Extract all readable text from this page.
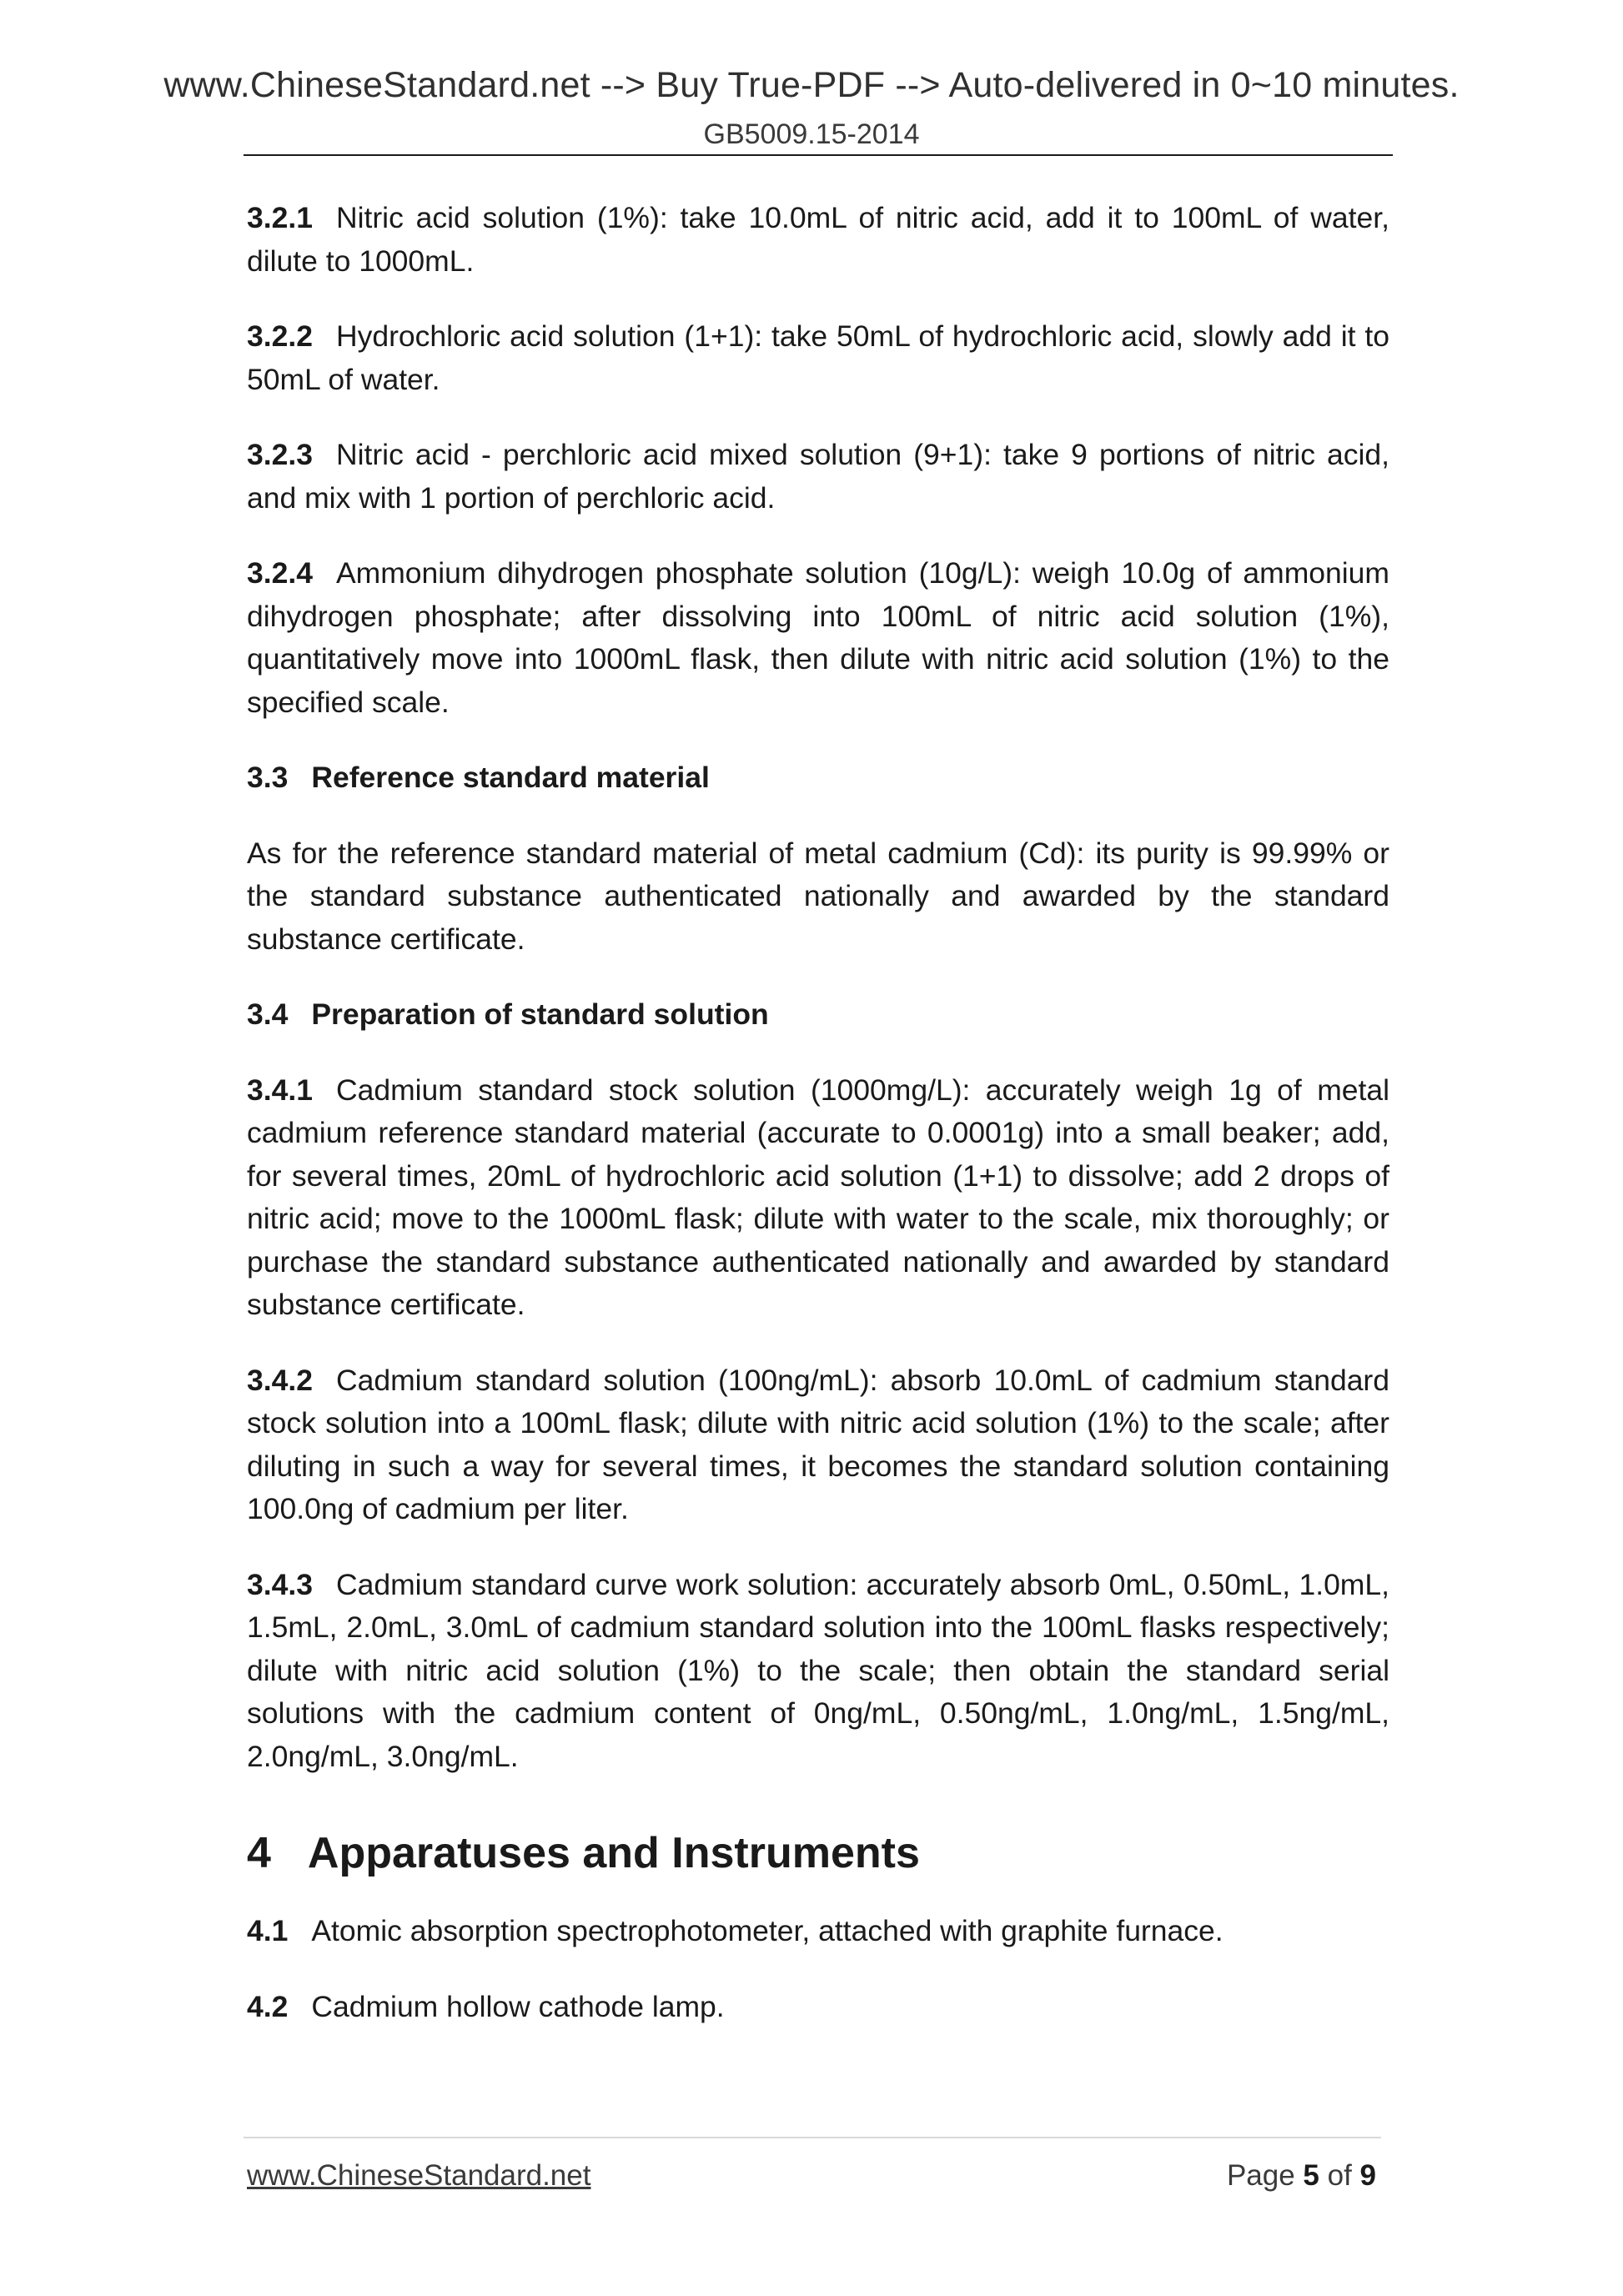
www.ChineseStandard.net --> Buy True-PDF --> Auto-delivered in 0~10 minutes.
GB5009.15-2014

3.2.1 Nitric acid solution (1%): take 10.0mL of nitric acid, add it to 100mL of water, dilute to 1000mL.

3.2.2 Hydrochloric acid solution (1+1): take 50mL of hydrochloric acid, slowly add it to 50mL of water.

3.2.3 Nitric acid - perchloric acid mixed solution (9+1): take 9 portions of nitric acid, and mix with 1 portion of perchloric acid.

3.2.4 Ammonium dihydrogen phosphate solution (10g/L): weigh 10.0g of ammonium dihydrogen phosphate; after dissolving into 100mL of nitric acid solution (1%), quantitatively move into 1000mL flask, then dilute with nitric acid solution (1%) to the specified scale.

3.3 Reference standard material

As for the reference standard material of metal cadmium (Cd): its purity is 99.99% or the standard substance authenticated nationally and awarded by the standard substance certificate.

3.4 Preparation of standard solution

3.4.1 Cadmium standard stock solution (1000mg/L): accurately weigh 1g of metal cadmium reference standard material (accurate to 0.0001g) into a small beaker; add, for several times, 20mL of hydrochloric acid solution (1+1) to dissolve; add 2 drops of nitric acid; move to the 1000mL flask; dilute with water to the scale, mix thoroughly; or purchase the standard substance authenticated nationally and awarded by standard substance certificate.

3.4.2 Cadmium standard solution (100ng/mL): absorb 10.0mL of cadmium standard stock solution into a 100mL flask; dilute with nitric acid solution (1%) to the scale; after diluting in such a way for several times, it becomes the standard solution containing 100.0ng of cadmium per liter.

3.4.3 Cadmium standard curve work solution: accurately absorb 0mL, 0.50mL, 1.0mL, 1.5mL, 2.0mL, 3.0mL of cadmium standard solution into the 100mL flasks respectively; dilute with nitric acid solution (1%) to the scale; then obtain the standard serial solutions with the cadmium content of 0ng/mL, 0.50ng/mL, 1.0ng/mL, 1.5ng/mL, 2.0ng/mL, 3.0ng/mL.

4 Apparatuses and Instruments

4.1 Atomic absorption spectrophotometer, attached with graphite furnace.

4.2 Cadmium hollow cathode lamp.

www.ChineseStandard.net	Page 5 of 9
